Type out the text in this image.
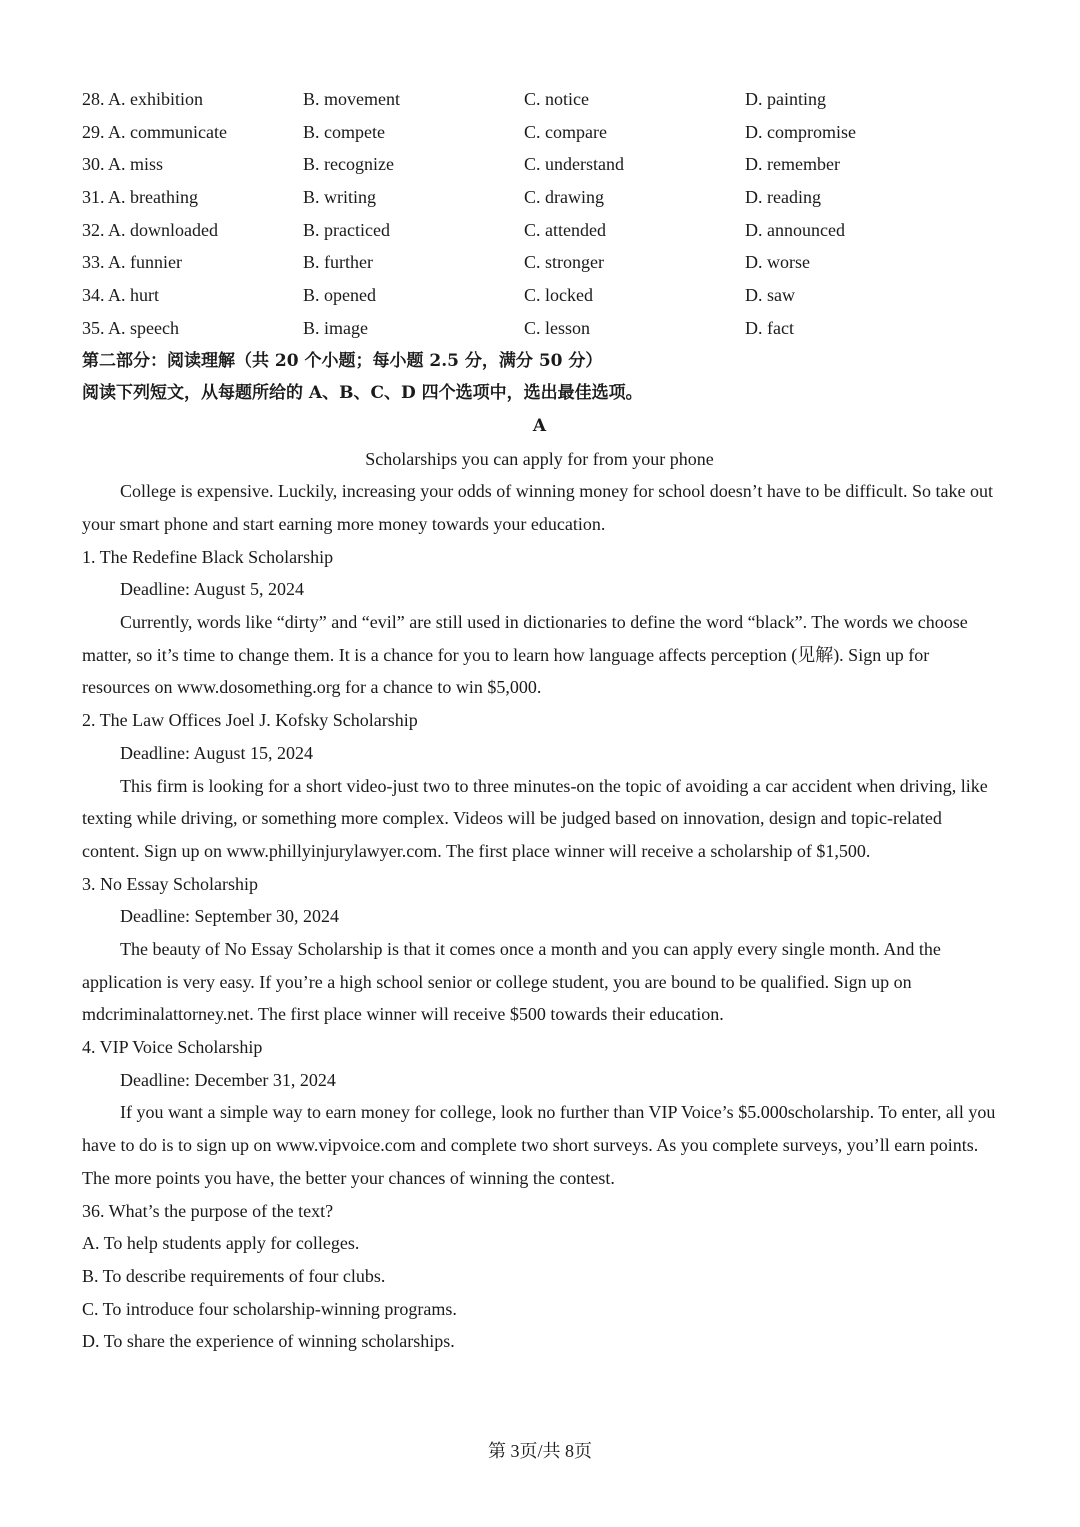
28. A. exhibition	B. movement	C. notice	D. painting
29. A. communicate	B. compete	C. compare	D. compromise
30. A. miss	B. recognize	C. understand	D. remember
31. A. breathing	B. writing	C. drawing	D. reading
32. A. downloaded	B. practiced	C. attended	D. announced
33. A. funnier	B. further	C. stronger	D. worse
34. A. hurt	B. opened	C. locked	D. saw
35. A. speech	B. image	C. lesson	D. fact
第二部分：阅读理解（共 20 个小题；每小题 2.5 分，满分 50 分）
阅读下列短文，从每题所给的 A、B、C、D 四个选项中，选出最佳选项。
A
Scholarships you can apply for from your phone

College is expensive. Luckily, increasing your odds of winning money for school doesn’t have to be difficult. So take out your smart phone and start earning more money towards your education.

1. The Redefine Black Scholarship
Deadline: August 5, 2024

Currently, words like “dirty” and “evil” are still used in dictionaries to define the word “black”. The words we choose matter, so it’s time to change them. It is a chance for you to learn how language affects perception (见解). Sign up for resources on www.dosomething.org for a chance to win $5,000.

2. The Law Offices Joel J. Kofsky Scholarship
Deadline: August 15, 2024

This firm is looking for a short video-just two to three minutes-on the topic of avoiding a car accident when driving, like texting while driving, or something more complex. Videos will be judged based on innovation, design and topic-related content. Sign up on www.phillyinjurylawyer.com. The first place winner will receive a scholarship of $1,500.

3. No Essay Scholarship
Deadline: September 30, 2024

The beauty of No Essay Scholarship is that it comes once a month and you can apply every single month. And the application is very easy. If you’re a high school senior or college student, you are bound to be qualified. Sign up on mdcriminalattorney.net. The first place winner will receive $500 towards their education.

4. VIP Voice Scholarship
Deadline: December 31, 2024

If you want a simple way to earn money for college, look no further than VIP Voice’s $5.000scholarship. To enter, all you have to do is to sign up on www.vipvoice.com and complete two short surveys. As you complete surveys, you’ll earn points. The more points you have, the better your chances of winning the contest.

36. What’s the purpose of the text?
A. To help students apply for colleges.
B. To describe requirements of four clubs.
C. To introduce four scholarship-winning programs.
D. To share the experience of winning scholarships.
第 3页/共 8页
